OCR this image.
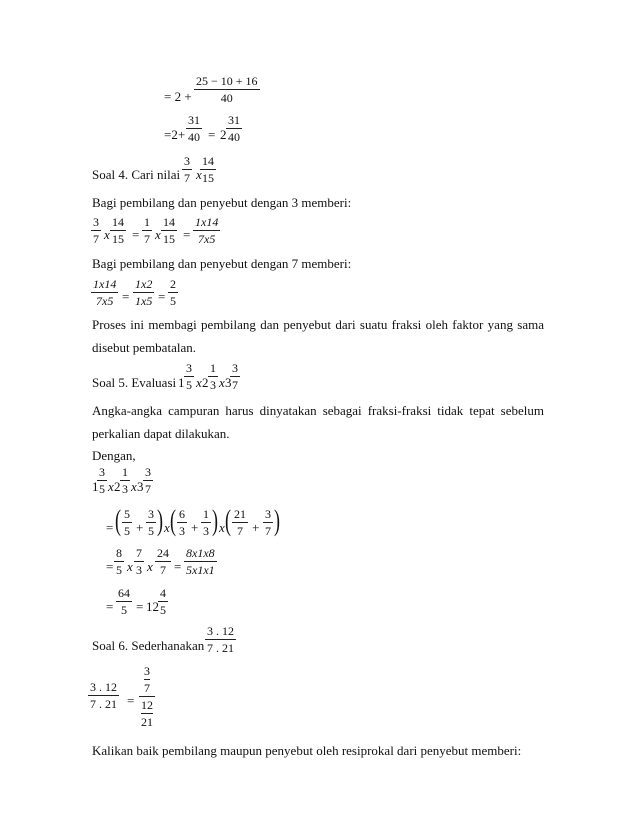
= 2 +
25 − 10 + 16
40
=2+
31
40 = 2
31
40
Soal 4. Cari nilai
3
7 x
14
15
Bagi pembilang dan penyebut dengan 3 memberi:
3
7 x
14
15 =
1
7 x
14
15 =
1x14
7x5
Bagi pembilang dan penyebut dengan 7 memberi:
1x14
7x5 =
1x2
1x5 =
2
5
Proses ini membagi pembilang dan penyebut dari suatu fraksi oleh faktor yang sama
disebut pembatalan.
Soal 5. Evaluasi 1
3
5 x 2
1
3 x 3
3
7
Angka-angka campuran harus dinyatakan sebagai fraksi-fraksi tidak tepat sebelum
perkalian dapat dilakukan.
Dengan,
1
3
5 x 2
1
3 x 3
3
7
= ( 5
5 +
3
5 ) x ( 6
3 +
1
3 ) x ( 21
7 +
3
7 )
=
8
5 x
7
3 x
24
7 =
8x1x8
5x1x1
=
64
5 = 12
4
5
Soal 6. Sederhanakan
3 . 12
7 . 21
3 . 12
7 . 21 =
3
7
12
21
Kalikan baik pembilang maupun penyebut oleh resiprokal dari penyebut memberi:
